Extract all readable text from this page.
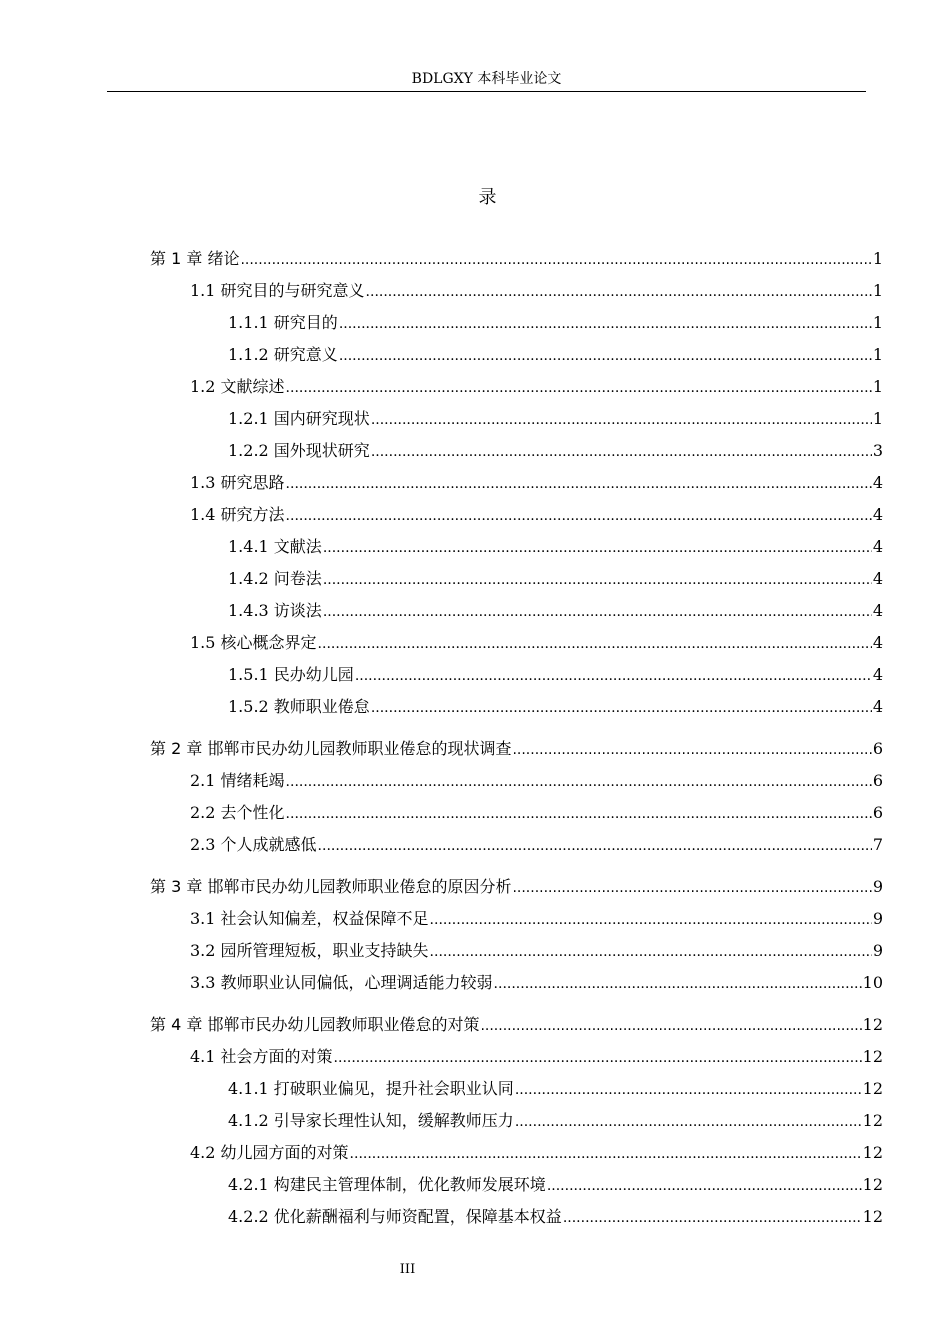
BDLGXY 本科毕业论文
录
第 1 章 绪论 .....	1
1.1 研究目的与研究意义 .....	1
1.1.1 研究目的 .....	1
1.1.2 研究意义 .....	1
1.2 文献综述 .....	1
1.2.1 国内研究现状 .....	1
1.2.2 国外现状研究 .....	3
1.3 研究思路 .....	4
1.4 研究方法 .....	4
1.4.1 文献法 .....	4
1.4.2 问卷法 .....	4
1.4.3 访谈法 .....	4
1.5 核心概念界定 .....	4
1.5.1 民办幼儿园 .....	4
1.5.2 教师职业倦怠 .....	4
第 2 章 邯郸市民办幼儿园教师职业倦怠的现状调查 .....	6
2.1 情绪耗竭 .....	6
2.2 去个性化 .....	6
2.3 个人成就感低 .....	7
第 3 章 邯郸市民办幼儿园教师职业倦怠的原因分析 .....	9
3.1 社会认知偏差，权益保障不足 .....	9
3.2 园所管理短板，职业支持缺失 .....	9
3.3 教师职业认同偏低，心理调适能力较弱 .....	10
第 4 章 邯郸市民办幼儿园教师职业倦怠的对策 .....	12
4.1 社会方面的对策 .....	12
4.1.1 打破职业偏见，提升社会职业认同 .....	12
4.1.2 引导家长理性认知，缓解教师压力 .....	12
4.2 幼儿园方面的对策 .....	12
4.2.1 构建民主管理体制，优化教师发展环境 .....	12
4.2.2 优化薪酬福利与师资配置，保障基本权益 .....	12
III
